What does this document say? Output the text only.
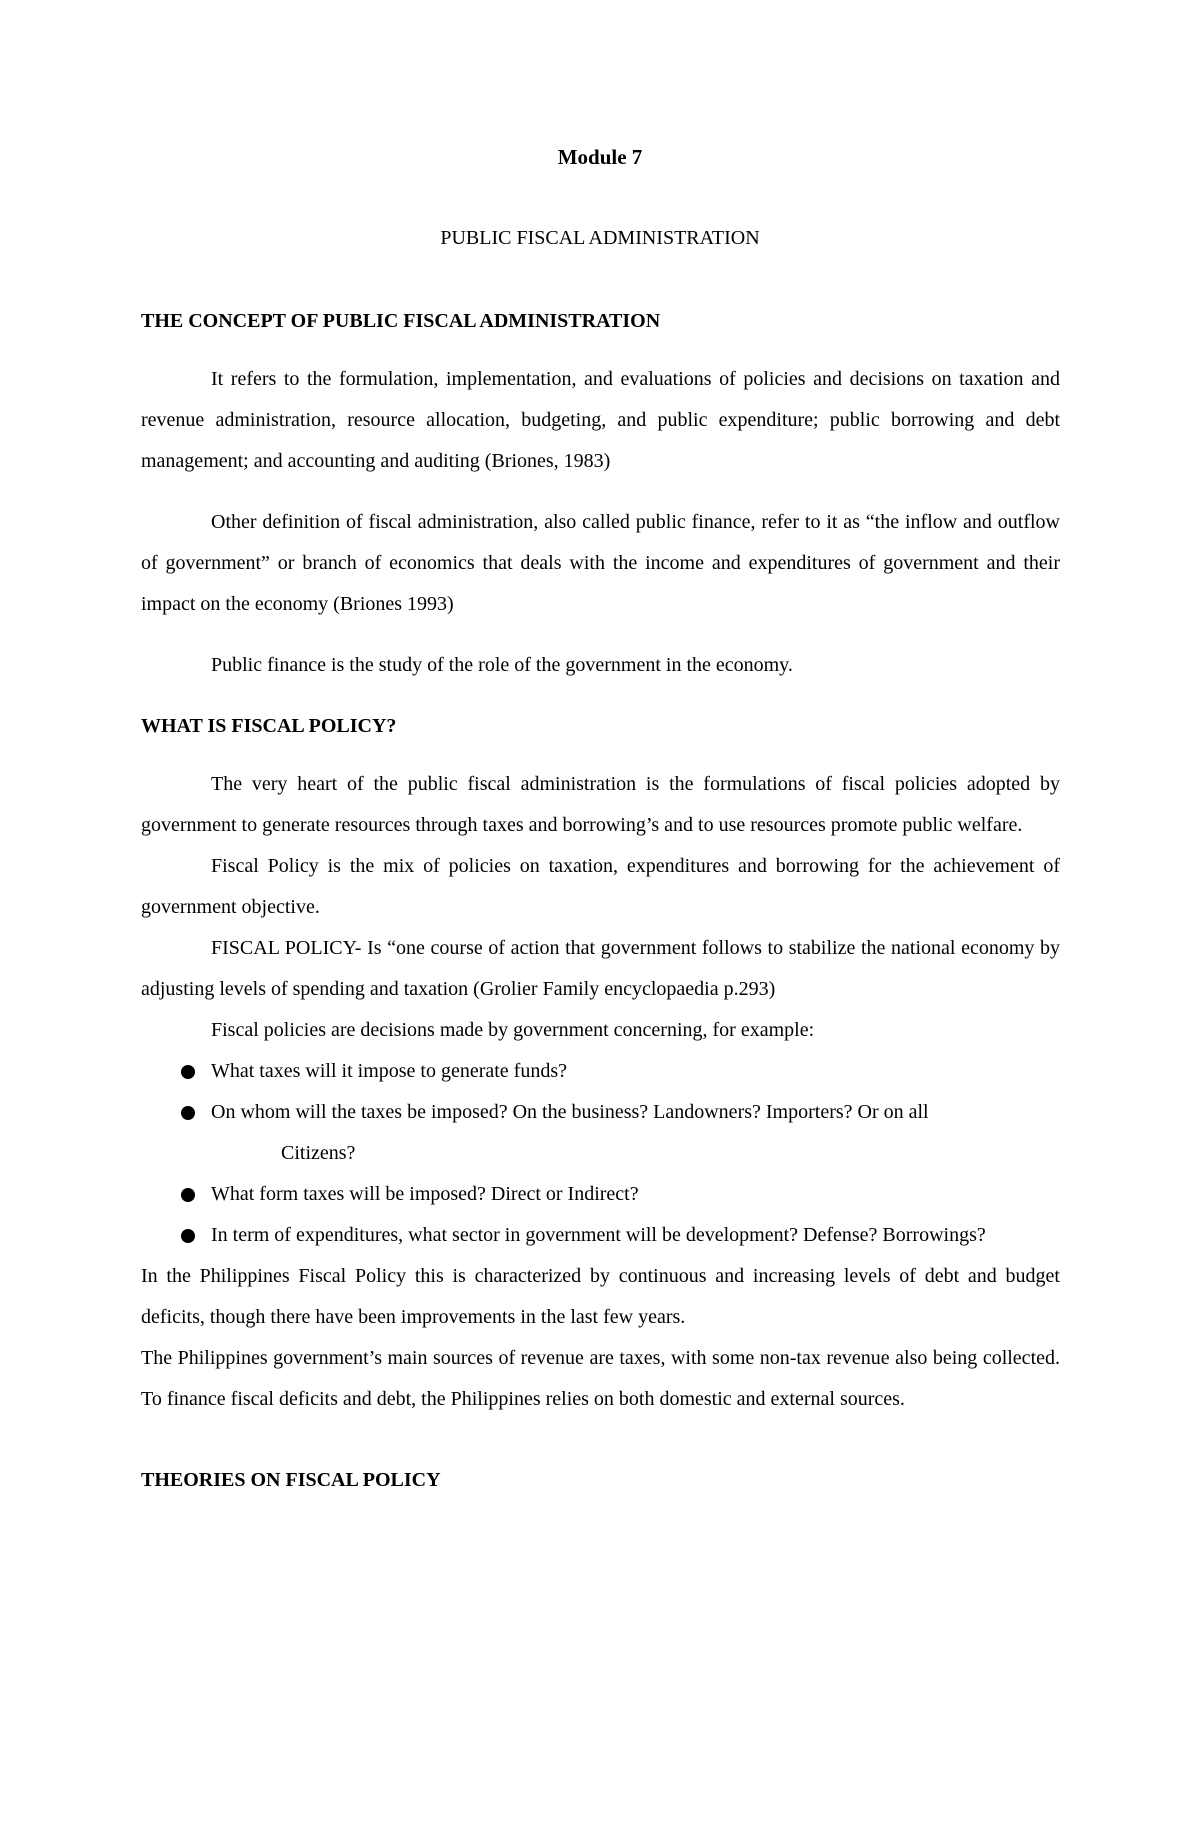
Module 7
PUBLIC FISCAL ADMINISTRATION
THE CONCEPT OF PUBLIC FISCAL ADMINISTRATION

It refers to the formulation, implementation, and evaluations of policies and decisions on taxation and revenue administration, resource allocation, budgeting, and public expenditure; public borrowing and debt management; and accounting and auditing (Briones, 1983)

Other definition of fiscal administration, also called public finance, refer to it as “the inflow and outflow of government” or branch of economics that deals with the income and expenditures of government and their impact on the economy (Briones 1993)

Public finance is the study of the role of the government in the economy.

WHAT IS FISCAL POLICY?

The very heart of the public fiscal administration is the formulations of fiscal policies adopted by government to generate resources through taxes and borrowing’s and to use resources promote public welfare.

Fiscal Policy is the mix of policies on taxation, expenditures and borrowing for the achievement of government objective.

FISCAL POLICY- Is “one course of action that government follows to stabilize the national economy by adjusting levels of spending and taxation (Grolier Family encyclopaedia p.293)

Fiscal policies are decisions made by government concerning, for example:

What taxes will it impose to generate funds?
On whom will the taxes be imposed? On the business? Landowners? Importers? Or on all
Citizens?
What form taxes will be imposed? Direct or Indirect?
In term of expenditures, what sector in government will be development? Defense? Borrowings?

In the Philippines Fiscal Policy this is characterized by continuous and increasing levels of debt and budget deficits, though there have been improvements in the last few years.

The Philippines government’s main sources of revenue are taxes, with some non-tax revenue also being collected. To finance fiscal deficits and debt, the Philippines relies on both domestic and external sources.

THEORIES ON FISCAL POLICY
